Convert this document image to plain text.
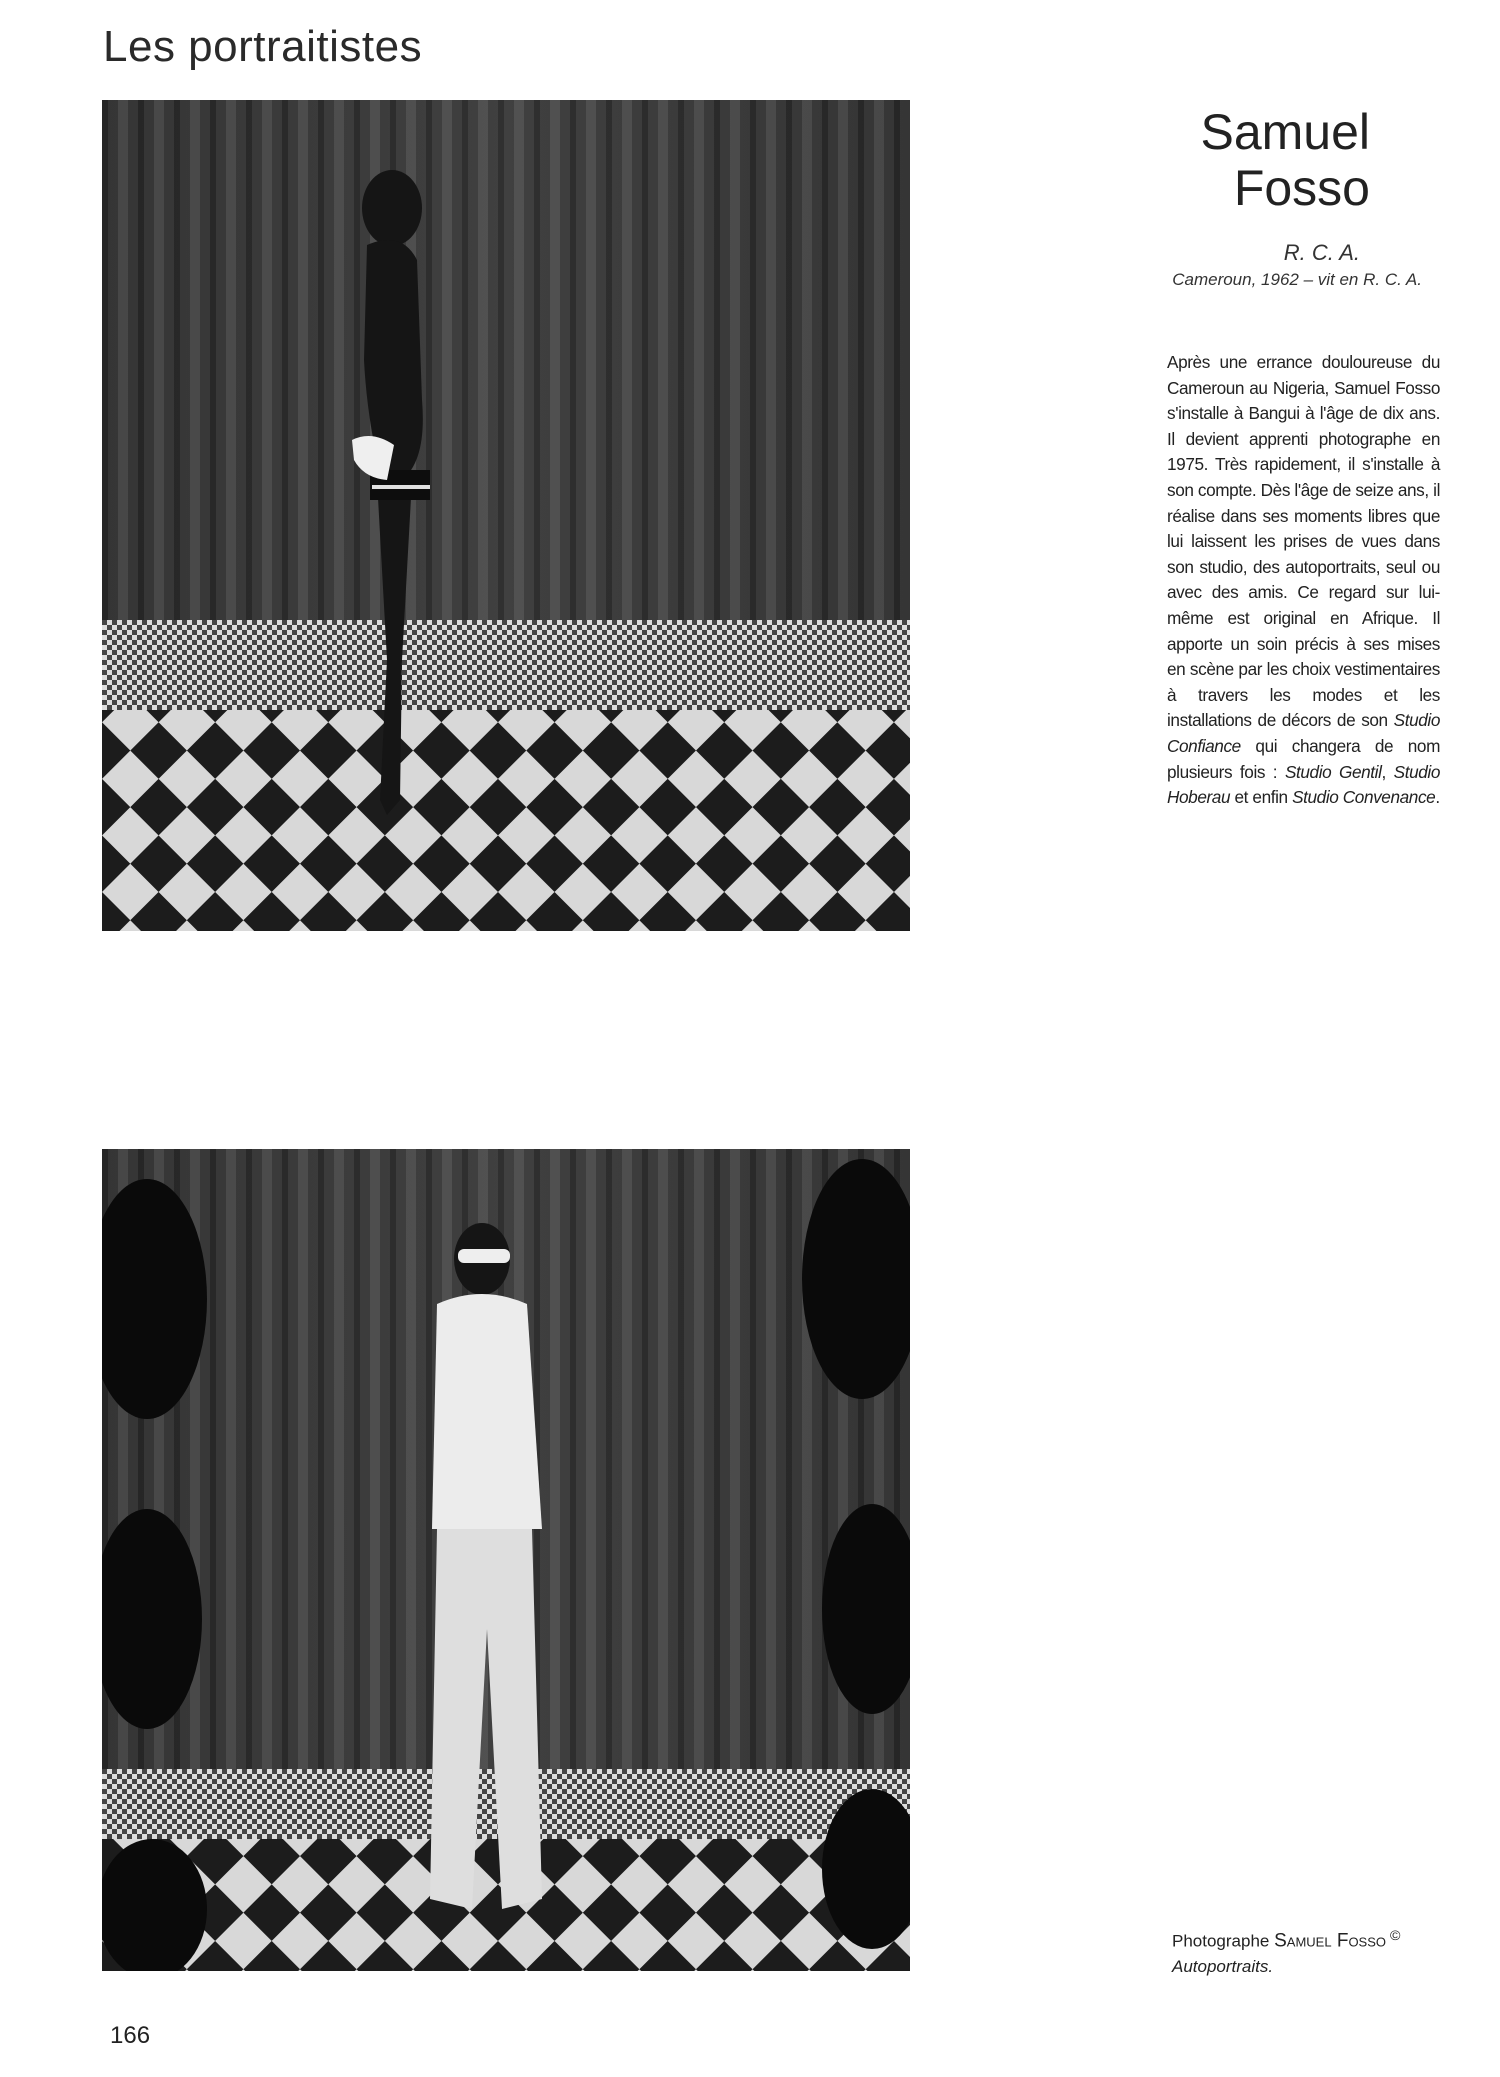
Les portraitistes
Samuel
Fosso
R. C. A.
Cameroun, 1962 – vit en R. C. A.
Après une errance douloureuse du Cameroun au Nigeria, Samuel Fosso s'installe à Bangui à l'âge de dix ans. Il devient apprenti photographe en 1975. Très rapidement, il s'installe à son compte. Dès l'âge de seize ans, il réalise dans ses moments libres que lui laissent les prises de vues dans son studio, des autoportraits, seul ou avec des amis. Ce regard sur lui-même est original en Afrique. Il apporte un soin précis à ses mises en scène par les choix vestimentaires à travers les modes et les installations de décors de son Studio Confiance qui changera de nom plusieurs fois : Studio Gentil, Studio Hoberau et enfin Studio Convenance.
Photographe Samuel Fosso ©
Autoportraits.
166
